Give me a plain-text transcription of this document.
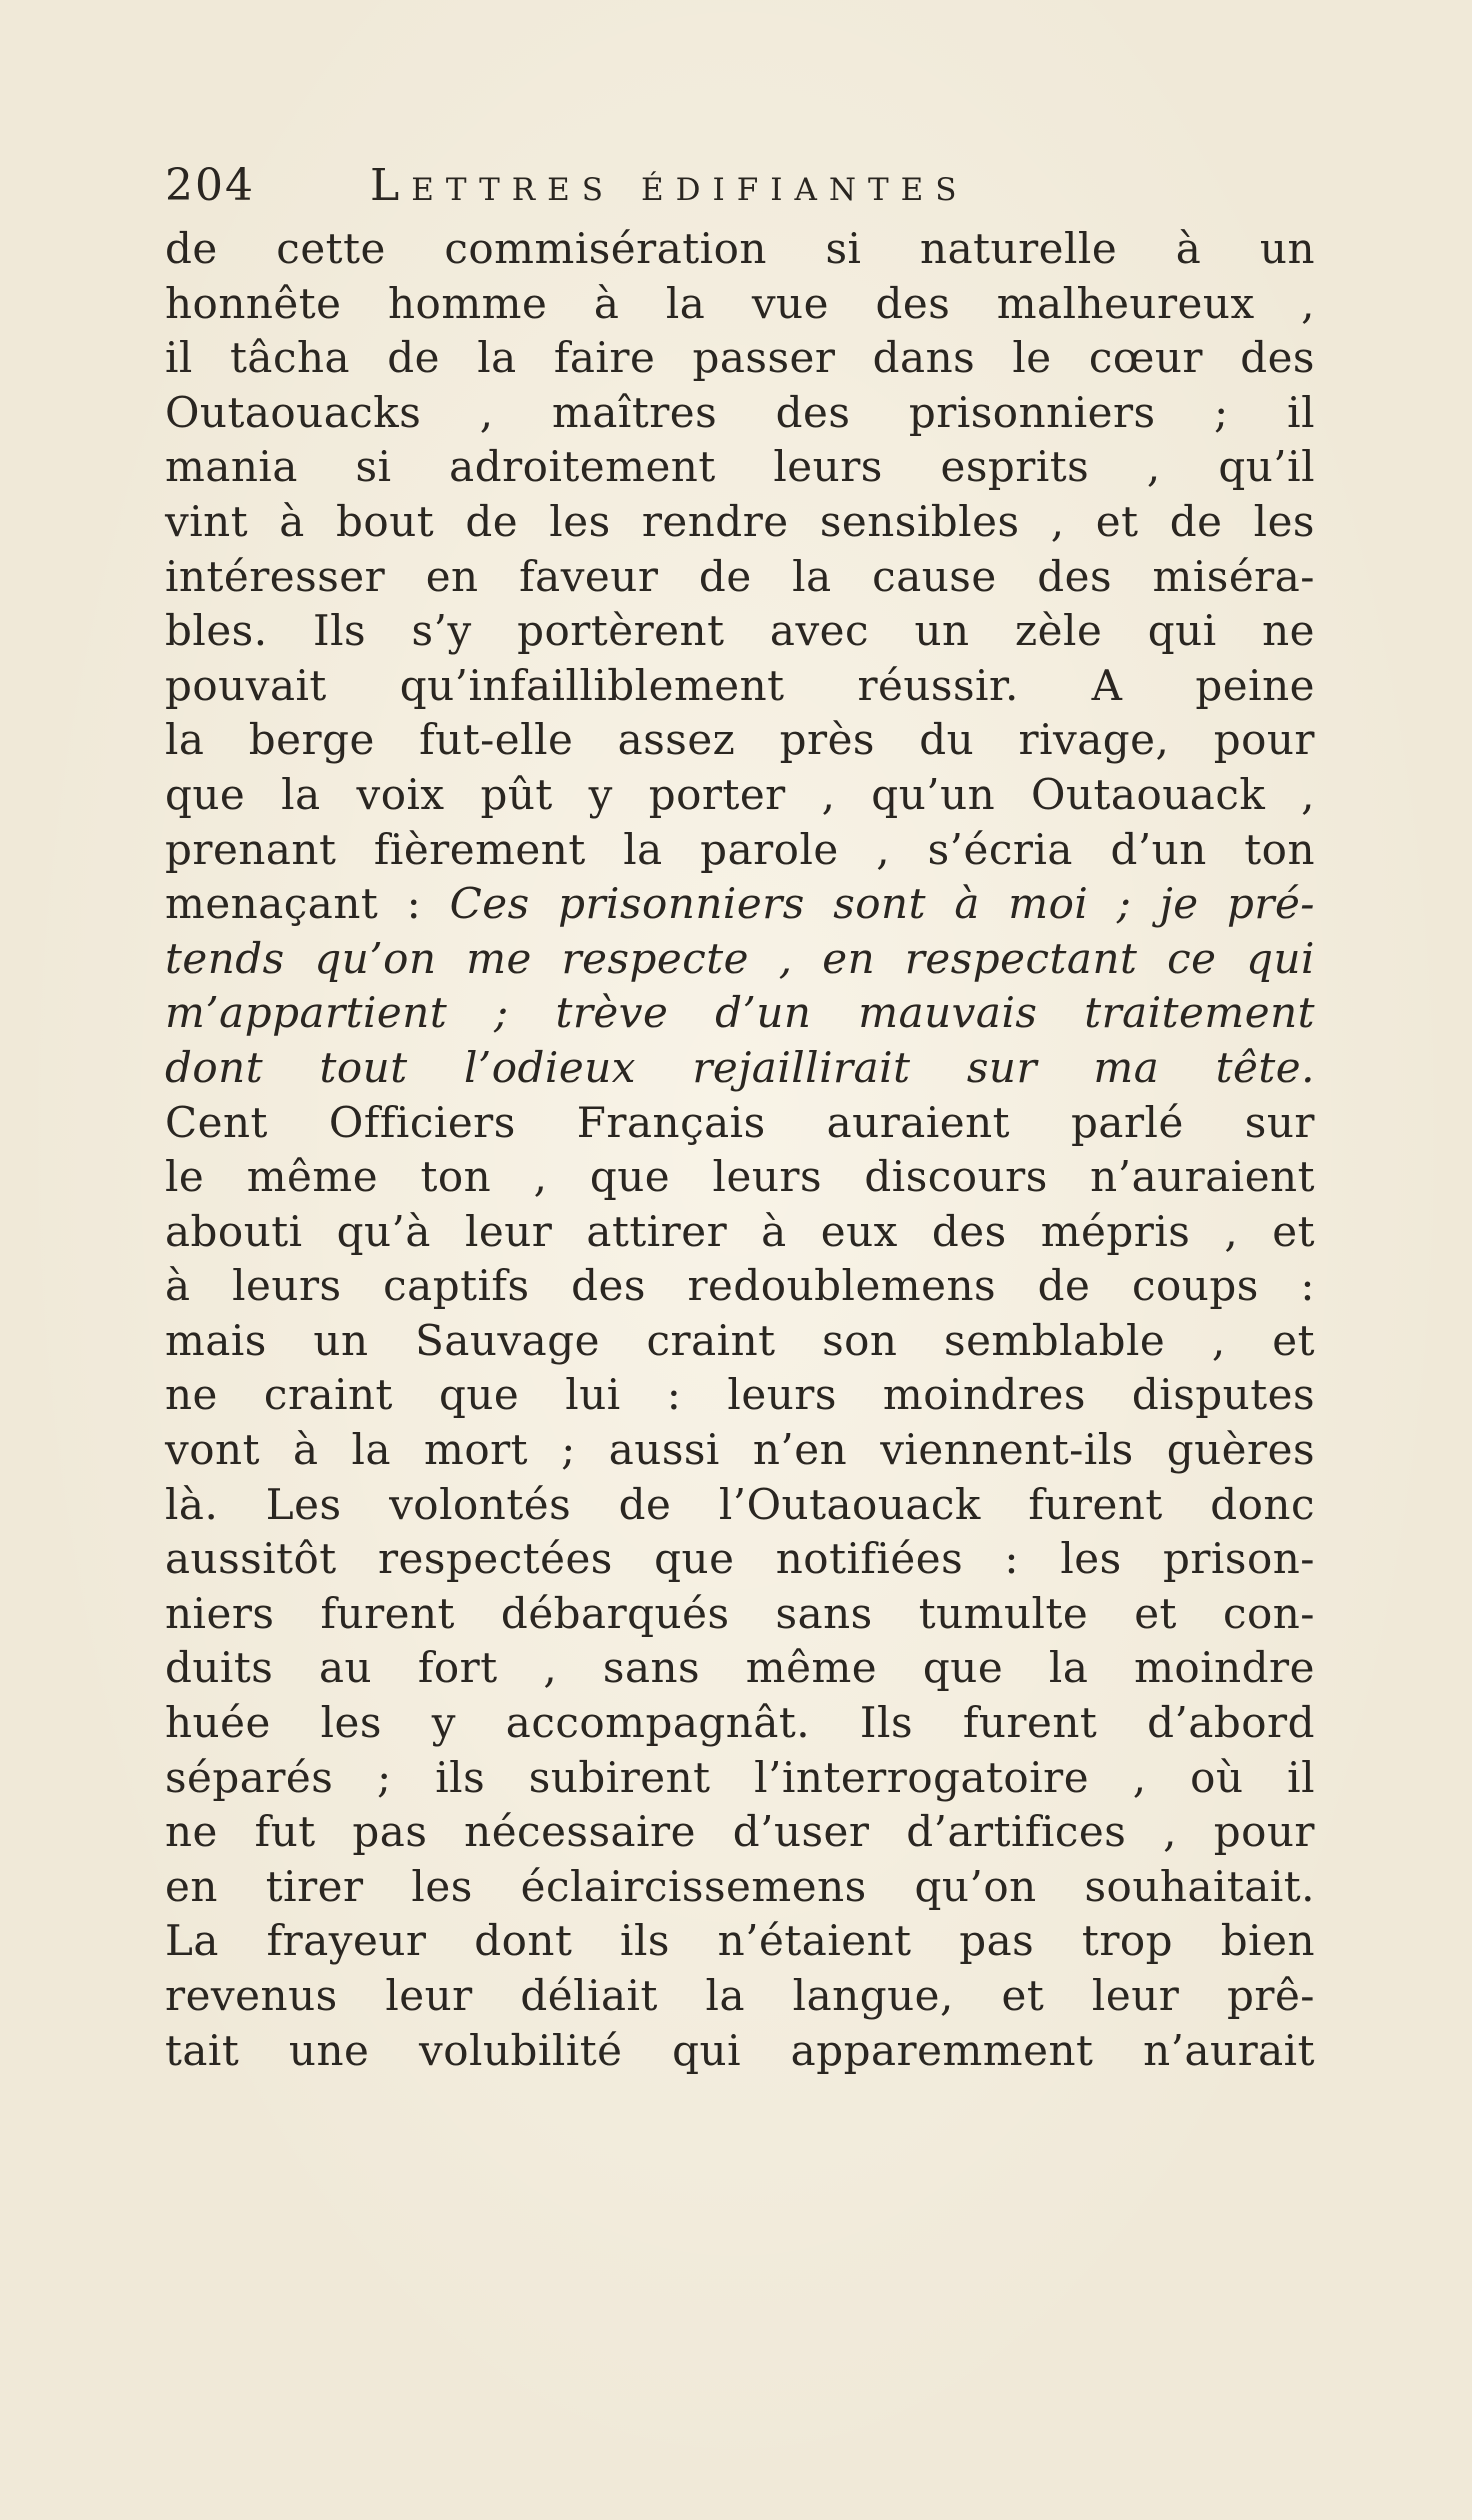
204	Lettres édifiantes
de cette commisération si naturelle à un
honnête homme à la vue des malheureux ,
il tâcha de la faire passer dans le cœur des
Outaouacks , maîtres des prisonniers ; il
mania si adroitement leurs esprits , qu’il
vint à bout de les rendre sensibles , et de les
intéresser en faveur de la cause des miséra-
bles. Ils s’y portèrent avec un zèle qui ne
pouvait qu’infailliblement réussir. A peine
la berge fut-elle assez près du rivage, pour
que la voix pût y porter , qu’un Outaouack ,
prenant fièrement la parole , s’écria d’un ton
menaçant : Ces prisonniers sont à moi ; je pré-
tends qu’on me respecte , en respectant ce qui
m’appartient ; trève d’un mauvais traitement
dont tout l’odieux rejaillirait sur ma tête.
Cent Officiers Français auraient parlé sur
le même ton , que leurs discours n’auraient
abouti qu’à leur attirer à eux des mépris , et
à leurs captifs des redoublemens de coups :
mais un Sauvage craint son semblable , et
ne craint que lui : leurs moindres disputes
vont à la mort ; aussi n’en viennent-ils guères
là. Les volontés de l’Outaouack furent donc
aussitôt respectées que notifiées : les prison-
niers furent débarqués sans tumulte et con-
duits au fort , sans même que la moindre
huée les y accompagnât. Ils furent d’abord
séparés ; ils subirent l’interrogatoire , où il
ne fut pas nécessaire d’user d’artifices , pour
en tirer les éclaircissemens qu’on souhaitait.
La frayeur dont ils n’étaient pas trop bien
revenus leur déliait la langue, et leur prê-
tait une volubilité qui apparemment n’aurait
